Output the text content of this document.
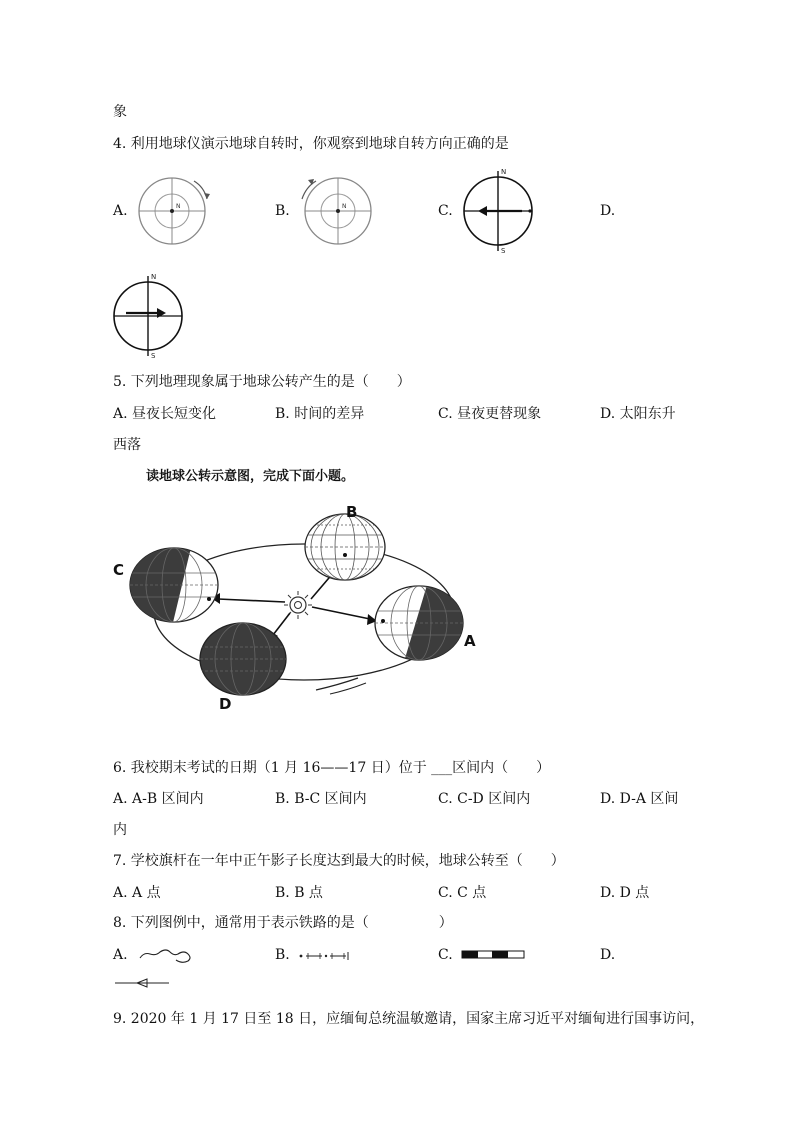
象
4. 利用地球仪演示地球自转时，你观察到地球自转方向正确的是
A.	N	B.	N	C.
N
S
D.
N
S
5. 下列地理现象属于地球公转产生的是（　　）
A. 昼夜长短变化	B. 时间的差异	C. 昼夜更替现象	D. 太阳东升
西落
读地球公转示意图，完成下面小题。
B
C
A
D
6. 我校期末考试的日期（1 月 16——17 日）位于 ___区间内（　　）
A. A-B 区间内	B. B-C 区间内	C. C-D 区间内	D. D-A 区间
内
7. 学校旗杆在一年中正午影子长度达到最大的时候，地球公转至（　　）
A. A 点	B. B 点	C. C 点	D. D 点
8. 下列图例中，通常用于表示铁路的是（　　　　　）
A.	B.	C.	D.
9. 2020 年 1 月 17 日至 18 日，应缅甸总统温敏邀请，国家主席习近平对缅甸进行国事访问，
